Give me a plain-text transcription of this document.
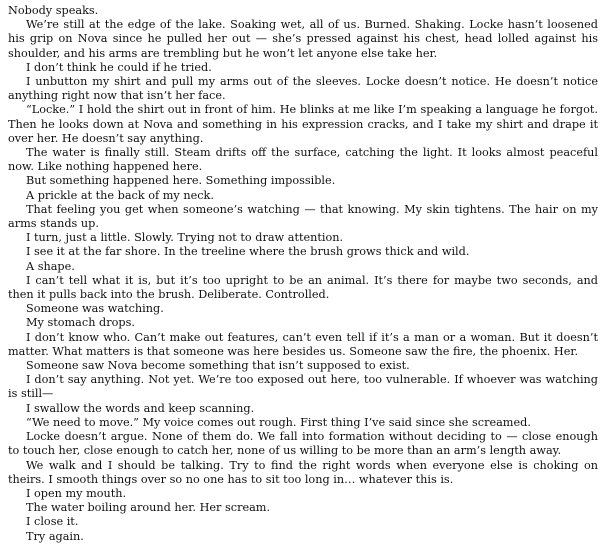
Nobody speaks.

We’re still at the edge of the lake. Soaking wet, all of us. Burned. Shaking. Locke hasn’t loosened his grip on Nova since he pulled her out — she’s pressed against his chest, head lolled against his shoulder, and his arms are trembling but he won’t let anyone else take her.

I don’t think he could if he tried.

I unbutton my shirt and pull my arms out of the sleeves. Locke doesn’t notice. He doesn’t notice anything right now that isn’t her face.

“Locke.” I hold the shirt out in front of him. He blinks at me like I’m speaking a language he forgot. Then he looks down at Nova and something in his expression cracks, and I take my shirt and drape it over her. He doesn’t say anything.

The water is finally still. Steam drifts off the surface, catching the light. It looks almost peaceful now. Like nothing happened here.

But something happened here. Something impossible.

A prickle at the back of my neck.

That feeling you get when someone’s watching — that knowing. My skin tightens. The hair on my arms stands up.

I turn, just a little. Slowly. Trying not to draw attention.

I see it at the far shore. In the treeline where the brush grows thick and wild.

A shape.

I can’t tell what it is, but it’s too upright to be an animal. It’s there for maybe two seconds, and then it pulls back into the brush. Deliberate. Controlled.

Someone was watching.

My stomach drops.

I don’t know who. Can’t make out features, can’t even tell if it’s a man or a woman. But it doesn’t matter. What matters is that someone was here besides us. Someone saw the fire, the phoenix. Her.

Someone saw Nova become something that isn’t supposed to exist.

I don’t say anything. Not yet. We’re too exposed out here, too vulnerable. If whoever was watching is still—

I swallow the words and keep scanning.

“We need to move.” My voice comes out rough. First thing I’ve said since she screamed.

Locke doesn’t argue. None of them do. We fall into formation without deciding to — close enough to touch her, close enough to catch her, none of us willing to be more than an arm’s length away.

We walk and I should be talking. Try to find the right words when everyone else is choking on theirs. I smooth things over so no one has to sit too long in… whatever this is.

I open my mouth.

The water boiling around her. Her scream.

I close it.

Try again.
